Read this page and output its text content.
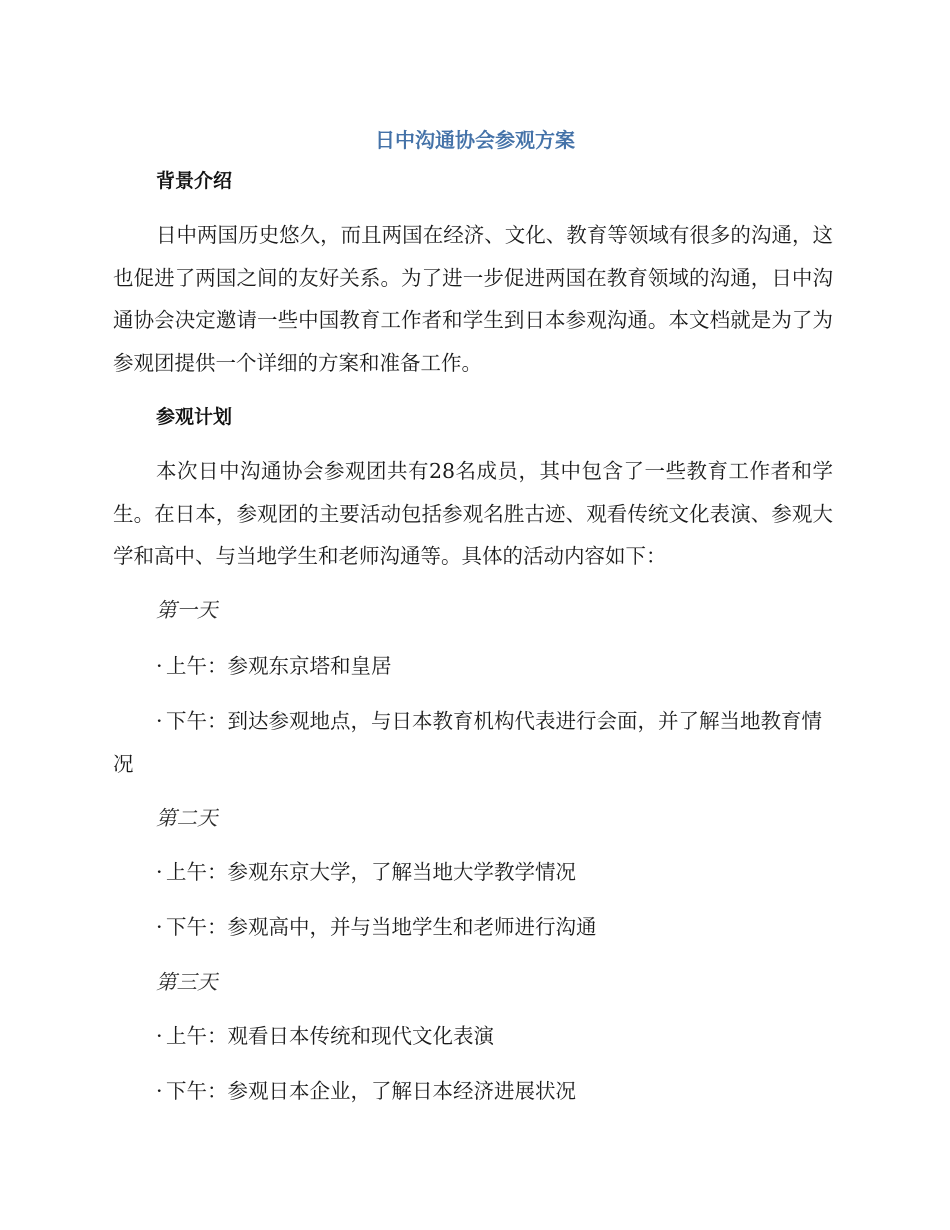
日中沟通协会参观方案
背景介绍

日中两国历史悠久，而且两国在经济、文化、教育等领域有很多的沟通，这也促进了两国之间的友好关系。为了进一步促进两国在教育领域的沟通，日中沟通协会决定邀请一些中国教育工作者和学生到日本参观沟通。本文档就是为了为参观团提供一个详细的方案和准备工作。

参观计划

本次日中沟通协会参观团共有28名成员，其中包含了一些教育工作者和学生。在日本，参观团的主要活动包括参观名胜古迹、观看传统文化表演、参观大学和高中、与当地学生和老师沟通等。具体的活动内容如下：

第一天

· 上午：参观东京塔和皇居

· 下午：到达参观地点，与日本教育机构代表进行会面，并了解当地教育情况

第二天

· 上午：参观东京大学，了解当地大学教学情况

· 下午：参观高中，并与当地学生和老师进行沟通

第三天

· 上午：观看日本传统和现代文化表演

· 下午：参观日本企业，了解日本经济进展状况
